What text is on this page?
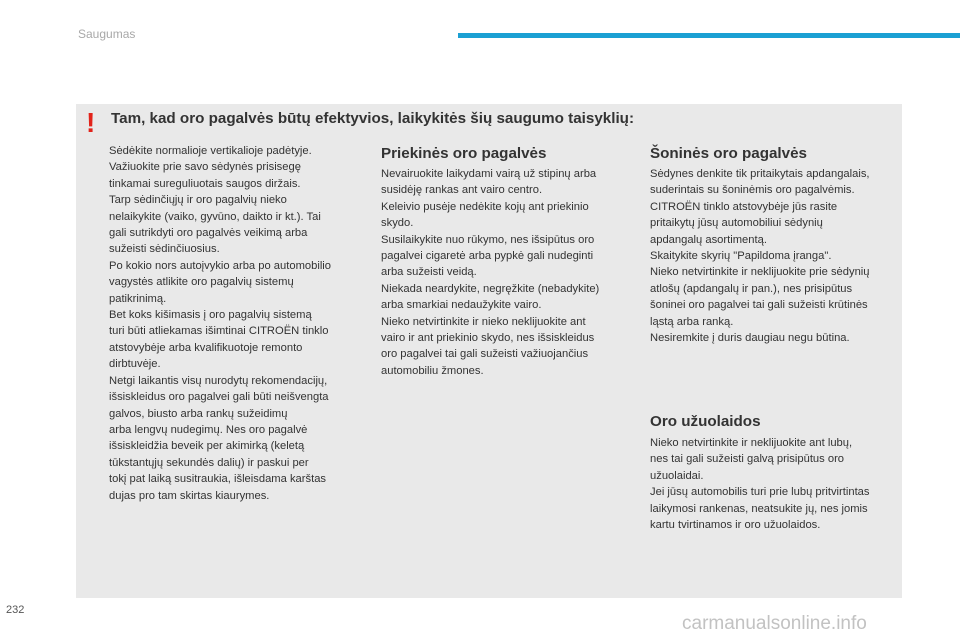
Saugumas
! Tam, kad oro pagalvės būtų efektyvios, laikykitės šių saugumo taisyklių:

Sėdėkite normalioje vertikalioje padėtyje.

Važiuokite prie savo sėdynės prisisegę

tinkamai sureguliuotais saugos diržais.

Tarp sėdinčiųjų ir oro pagalvių nieko

nelaikykite (vaiko, gyvūno, daikto ir kt.). Tai

gali sutrikdyti oro pagalvės veikimą arba

sužeisti sėdinčiuosius.

Po kokio nors autoįvykio arba po automobilio

vagystės atlikite oro pagalvių sistemų

patikrinimą.

Bet koks kišimasis į oro pagalvių sistemą

turi būti atliekamas išimtinai CITROËN tinklo

atstovybėje arba kvalifikuotoje remonto

dirbtuvėje.

Netgi laikantis visų nurodytų rekomendacijų,

išsiskleidus oro pagalvei gali būti neišvengta

galvos, biusto arba rankų sužeidimų

arba lengvų nudegimų. Nes oro pagalvė

išsiskleidžia beveik per akimirką (keletą

tūkstantųjų sekundės dalių) ir paskui per

tokį pat laiką susitraukia, išleisdama karštas

dujas pro tam skirtas kiaurymes.

Priekinės oro pagalvės

Nevairuokite laikydami vairą už stipinų arba

susidėję rankas ant vairo centro.

Keleivio pusėje nedėkite kojų ant priekinio

skydo.

Susilaikykite nuo rūkymo, nes išsipūtus oro

pagalvei cigaretė arba pypkė gali nudeginti

arba sužeisti veidą.

Niekada neardykite, negręžkite (nebadykite)

arba smarkiai nedaužykite vairo.

Nieko netvirtinkite ir nieko neklijuokite ant

vairo ir ant priekinio skydo, nes išsiskleidus

oro pagalvei tai gali sužeisti važiuojančius

automobiliu žmones.

Šoninės oro pagalvės

Sėdynes denkite tik pritaikytais apdangalais,

suderintais su šoninėmis oro pagalvėmis.

CITROËN tinklo atstovybėje jūs rasite

pritaikytų jūsų automobiliui sėdynių

apdangalų asortimentą.

Skaitykite skyrių "Papildoma įranga".

Nieko netvirtinkite ir neklijuokite prie sėdynių

atlošų (apdangalų ir pan.), nes prisipūtus

šoninei oro pagalvei tai gali sužeisti krūtinės

ląstą arba ranką.

Nesiremkite į duris daugiau negu būtina.

Oro užuolaidos

Nieko netvirtinkite ir neklijuokite ant lubų,

nes tai gali sužeisti galvą prisipūtus oro

užuolaidai.

Jei jūsų automobilis turi prie lubų pritvirtintas

laikymosi rankenas, neatsukite jų, nes jomis

kartu tvirtinamos ir oro užuolaidos.

232
carmanualsonline.info
